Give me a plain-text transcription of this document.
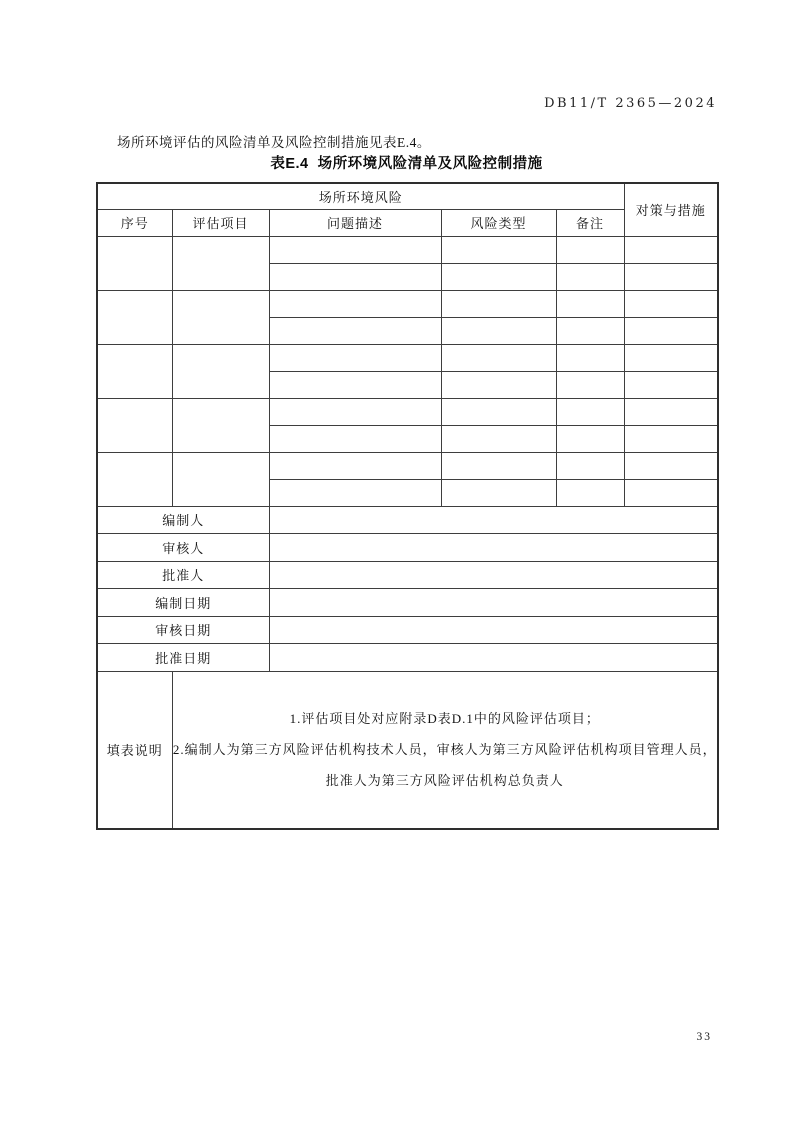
DB11/T 2365—2024
场所环境评估的风险清单及风险控制措施见表E.4。
表E.4  场所环境风险清单及风险控制措施
场所环境风险					对策与措施
序号	评估项目	问题描述	风险类型	备注	

编制人					
审核人					
批准人					
编制日期					
审核日期					
批准日期					
填表说明	1.评估项目处对应附录D表D.1中的风险评估项目；
2.编制人为第三方风险评估机构技术人员，审核人为第三方风险评估机构项目管理人员，批准人为第三方风险评估机构总负责人				
33
